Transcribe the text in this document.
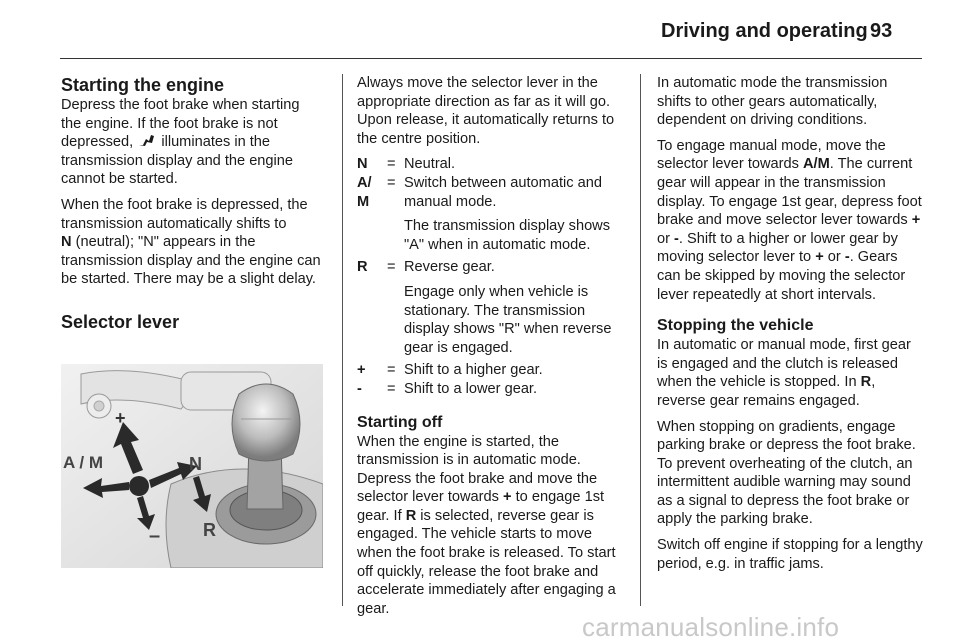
Driving and operating 93
Starting the engine

Depress the foot brake when starting the engine. If the foot brake is not depressed, illuminates in the transmission display and the engine cannot be started.

When the foot brake is depressed, the transmission automatically shifts to
N (neutral); "N" appears in the transmission display and the engine can be started. There may be a slight delay.

Selector lever
+
A / M	N
– R

Always move the selector lever in the appropriate direction as far as it will go. Upon release, it automatically returns to the centre position.

N	= Neutral.
A/ M
= Switch between automatic and manual mode.
The transmission display shows "A" when in automatic mode.
R	= Reverse gear.
Engage only when vehicle is stationary. The transmission display shows "R" when reverse gear is engaged.
+	= Shift to a higher gear.
-	= Shift to a lower gear.
Starting off

When the engine is started, the transmission is in automatic mode. Depress the foot brake and move the selector lever towards + to engage 1st gear. If R is selected, reverse gear is engaged. The vehicle starts to move when the foot brake is released. To start off quickly, release the foot brake and accelerate immediately after engaging a gear.

In automatic mode the transmission shifts to other gears automatically, dependent on driving conditions.

To engage manual mode, move the selector lever towards A/M. The current gear will appear in the transmission display. To engage 1st gear, depress foot brake and move selector lever towards + or -. Shift to a higher or lower gear by moving selector lever to + or -. Gears can be skipped by moving the selector lever repeatedly at short intervals.

Stopping the vehicle

In automatic or manual mode, first gear is engaged and the clutch is released when the vehicle is stopped. In R, reverse gear remains engaged.

When stopping on gradients, engage parking brake or depress the foot brake. To prevent overheating of the clutch, an intermittent audible warning may sound as a signal to depress the foot brake or apply the parking brake.

Switch off engine if stopping for a lengthy period, e.g. in traffic jams.

carmanualsonline.info
